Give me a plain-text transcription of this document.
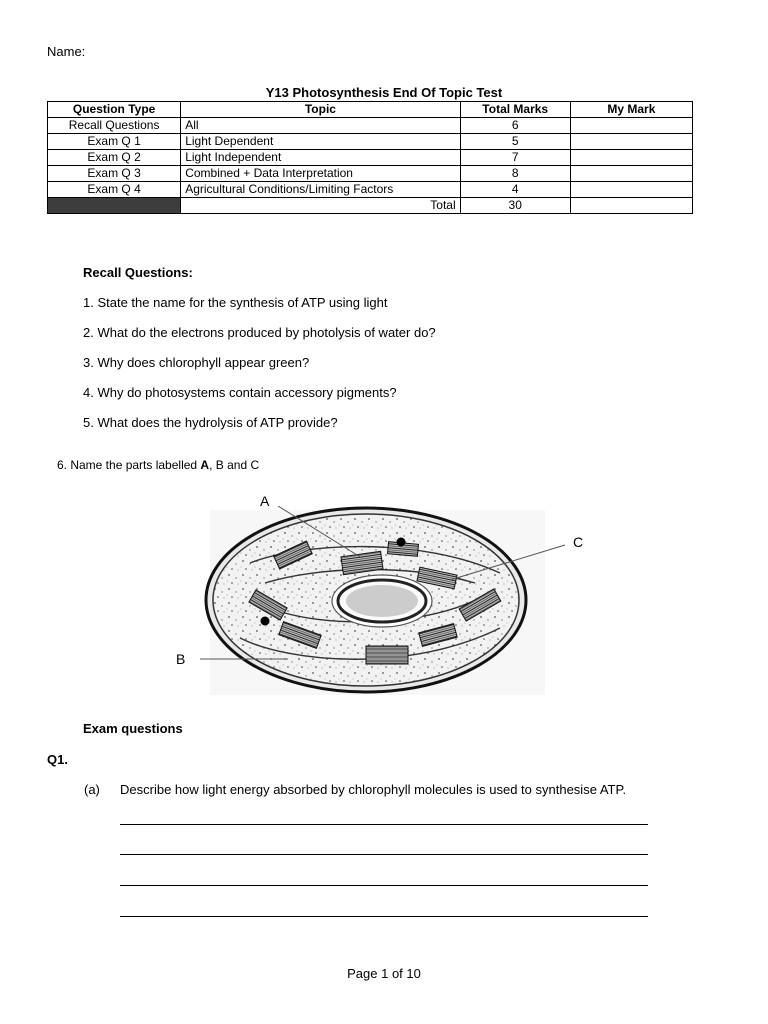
Name:
Y13 Photosynthesis End Of Topic Test
Question Type	Topic	Total Marks	My Mark
Recall Questions	All	6	
Exam Q 1	Light Dependent	5	
Exam Q 2	Light Independent	7	
Exam Q 3	Combined + Data Interpretation	8	
Exam Q 4	Agricultural Conditions/Limiting Factors	4	
	Total	30	
Recall Questions:
1. State the name for the synthesis of ATP using light
2. What do the electrons produced by photolysis of water do?
3. Why does chlorophyll appear green?
4. Why do photosystems contain accessory pigments?
5. What does the hydrolysis of ATP provide?
6. Name the parts labelled A, B and C
A
B
C
Exam questions
Q1.
(a) Describe how light energy absorbed by chlorophyll molecules is used to synthesise ATP.
Page 1 of 10
